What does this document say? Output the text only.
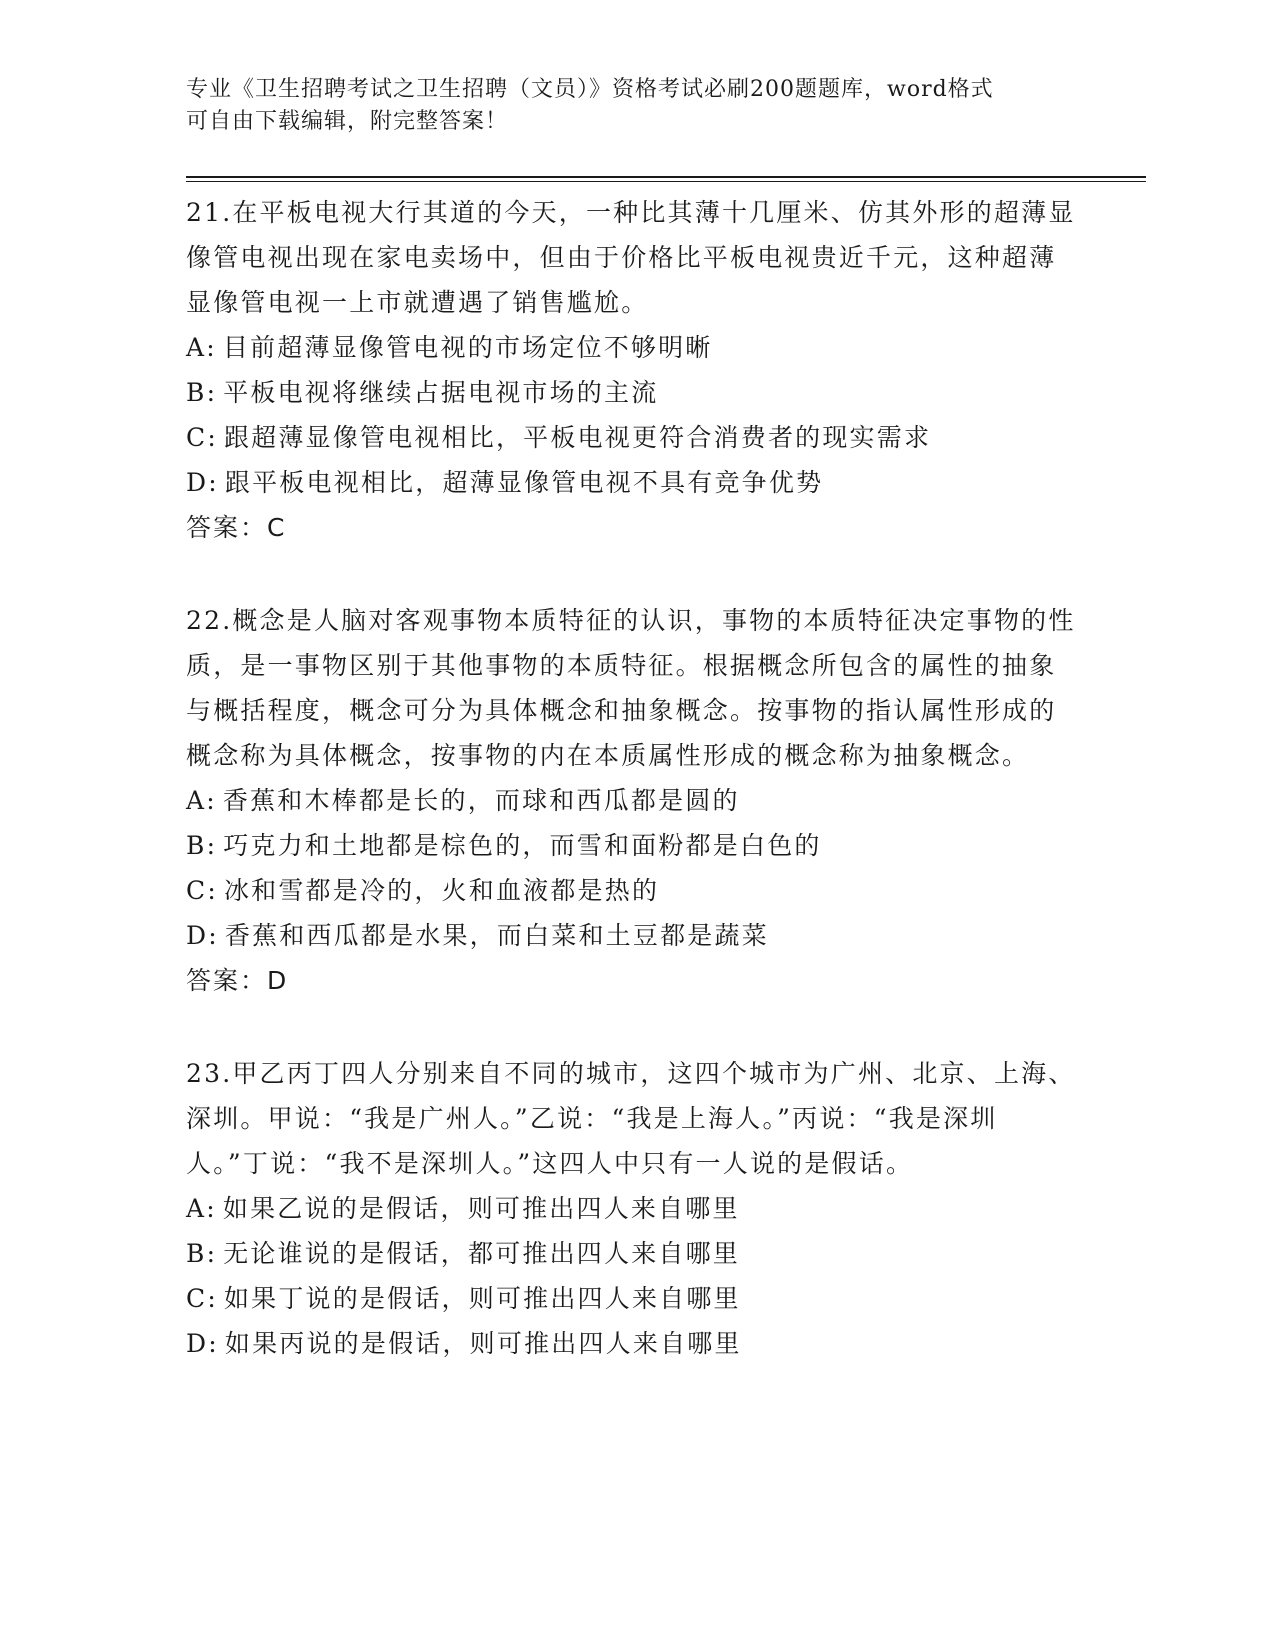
专业《卫生招聘考试之卫生招聘（文员）》资格考试必刷200题题库，word格式
可自由下载编辑，附完整答案！

21.在平板电视大行其道的今天，一种比其薄十几厘米、仿其外形的超薄显像管电视出现在家电卖场中，但由于价格比平板电视贵近千元，这种超薄显像管电视一上市就遭遇了销售尴尬。

A: 目前超薄显像管电视的市场定位不够明晰
B: 平板电视将继续占据电视市场的主流
C: 跟超薄显像管电视相比，平板电视更符合消费者的现实需求
D: 跟平板电视相比，超薄显像管电视不具有竞争优势
答案：C

22.概念是人脑对客观事物本质特征的认识，事物的本质特征决定事物的性质，是一事物区别于其他事物的本质特征。根据概念所包含的属性的抽象与概括程度，概念可分为具体概念和抽象概念。按事物的指认属性形成的概念称为具体概念，按事物的内在本质属性形成的概念称为抽象概念。

A: 香蕉和木棒都是长的，而球和西瓜都是圆的
B: 巧克力和土地都是棕色的，而雪和面粉都是白色的
C: 冰和雪都是冷的，火和血液都是热的
D: 香蕉和西瓜都是水果，而白菜和土豆都是蔬菜
答案：D

23.甲乙丙丁四人分别来自不同的城市，这四个城市为广州、北京、上海、深圳。甲说：“我是广州人。”乙说：“我是上海人。”丙说：“我是深圳人。”丁说：“我不是深圳人。”这四人中只有一人说的是假话。

A: 如果乙说的是假话，则可推出四人来自哪里
B: 无论谁说的是假话，都可推出四人来自哪里
C: 如果丁说的是假话，则可推出四人来自哪里
D: 如果丙说的是假话，则可推出四人来自哪里
